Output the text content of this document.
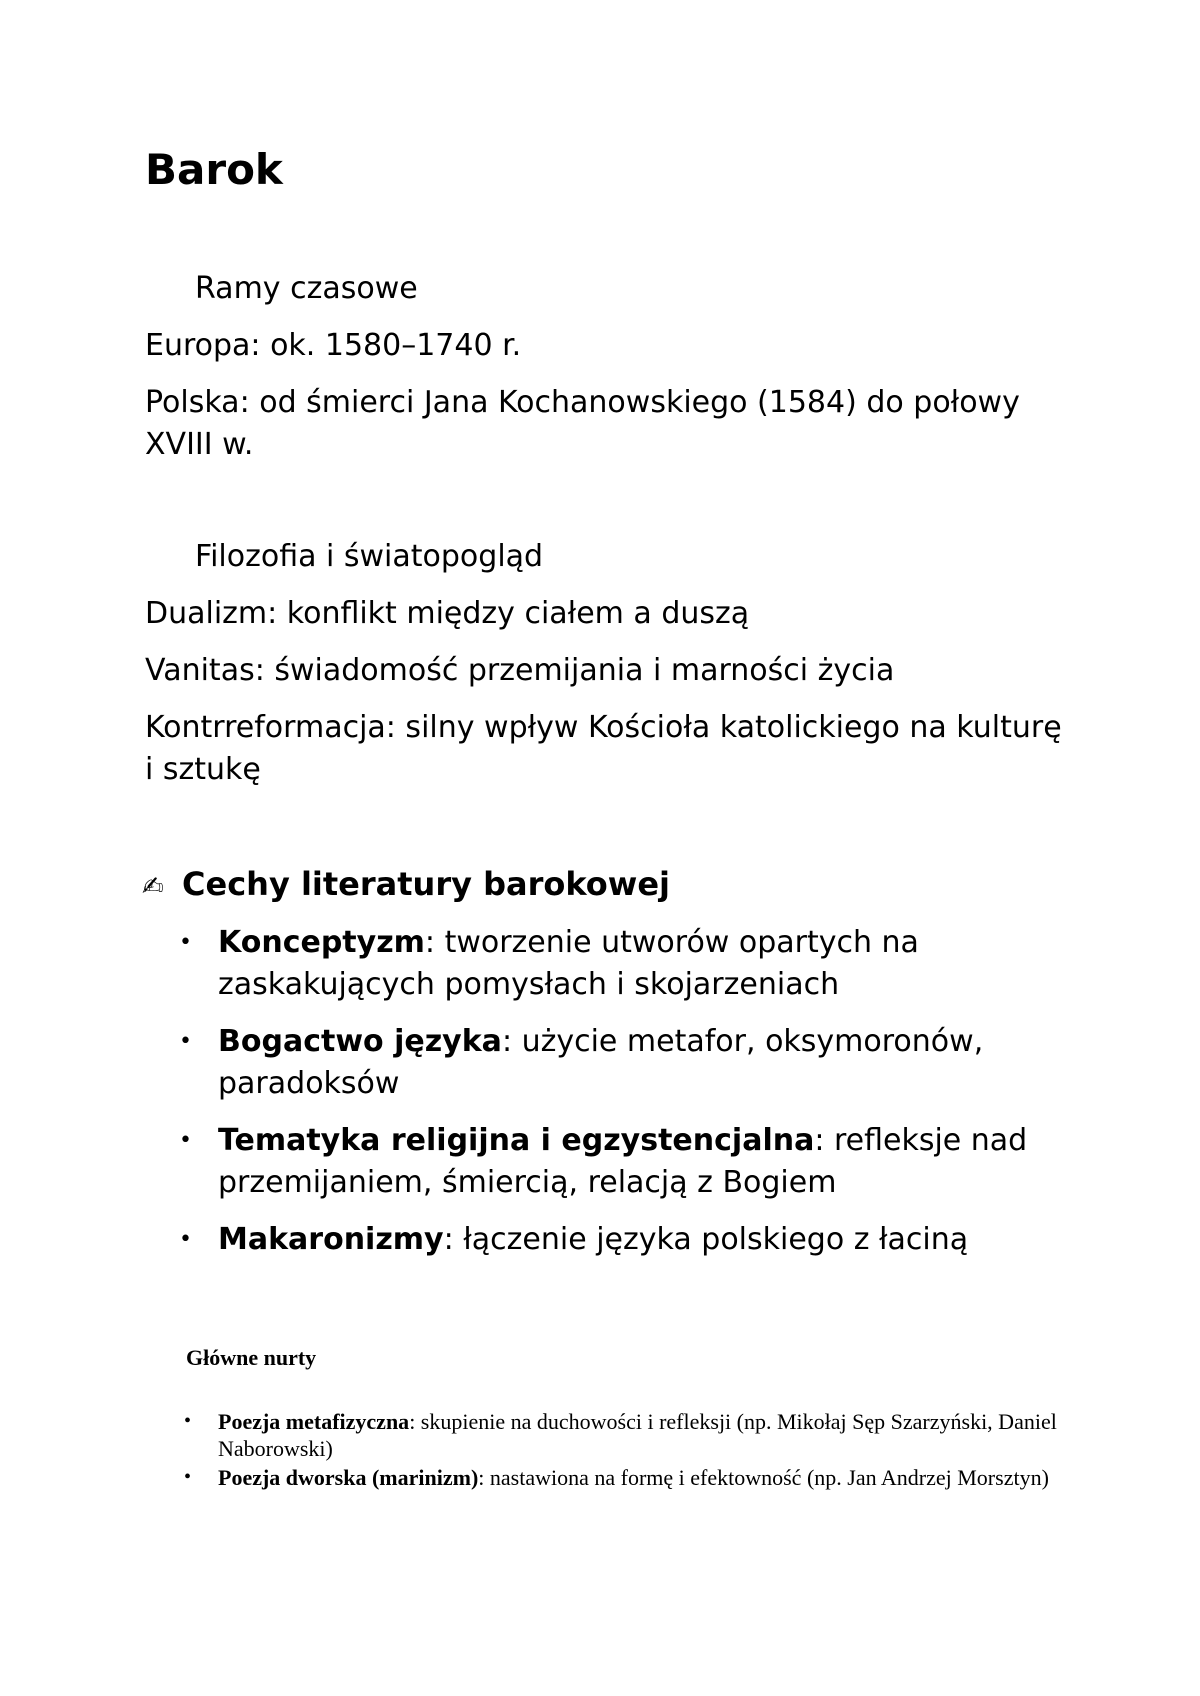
Barok

Ramy czasowe

Europa: ok. 1580–1740 r.

Polska: od śmierci Jana Kochanowskiego (1584) do połowy XVIII w.

Filozofia i światopogląd

Dualizm: konflikt między ciałem a duszą

Vanitas: świadomość przemijania i marności życia

Kontrreformacja: silny wpływ Kościoła katolickiego na kulturę i sztukę

✍ Cechy literatury barokowej
• Konceptyzm: tworzenie utworów opartych na zaskakujących pomysłach i skojarzeniach
• Bogactwo języka: użycie metafor, oksymoronów, paradoksów
• Tematyka religijna i egzystencjalna: refleksje nad przemijaniem, śmiercią, relacją z Bogiem
• Makaronizmy: łączenie języka polskiego z łaciną
Główne nurty
• Poezja metafizyczna: skupienie na duchowości i refleksji (np. Mikołaj Sęp Szarzyński, Daniel Naborowski)
• Poezja dworska (marinizm): nastawiona na formę i efektowność (np. Jan Andrzej Morsztyn)
